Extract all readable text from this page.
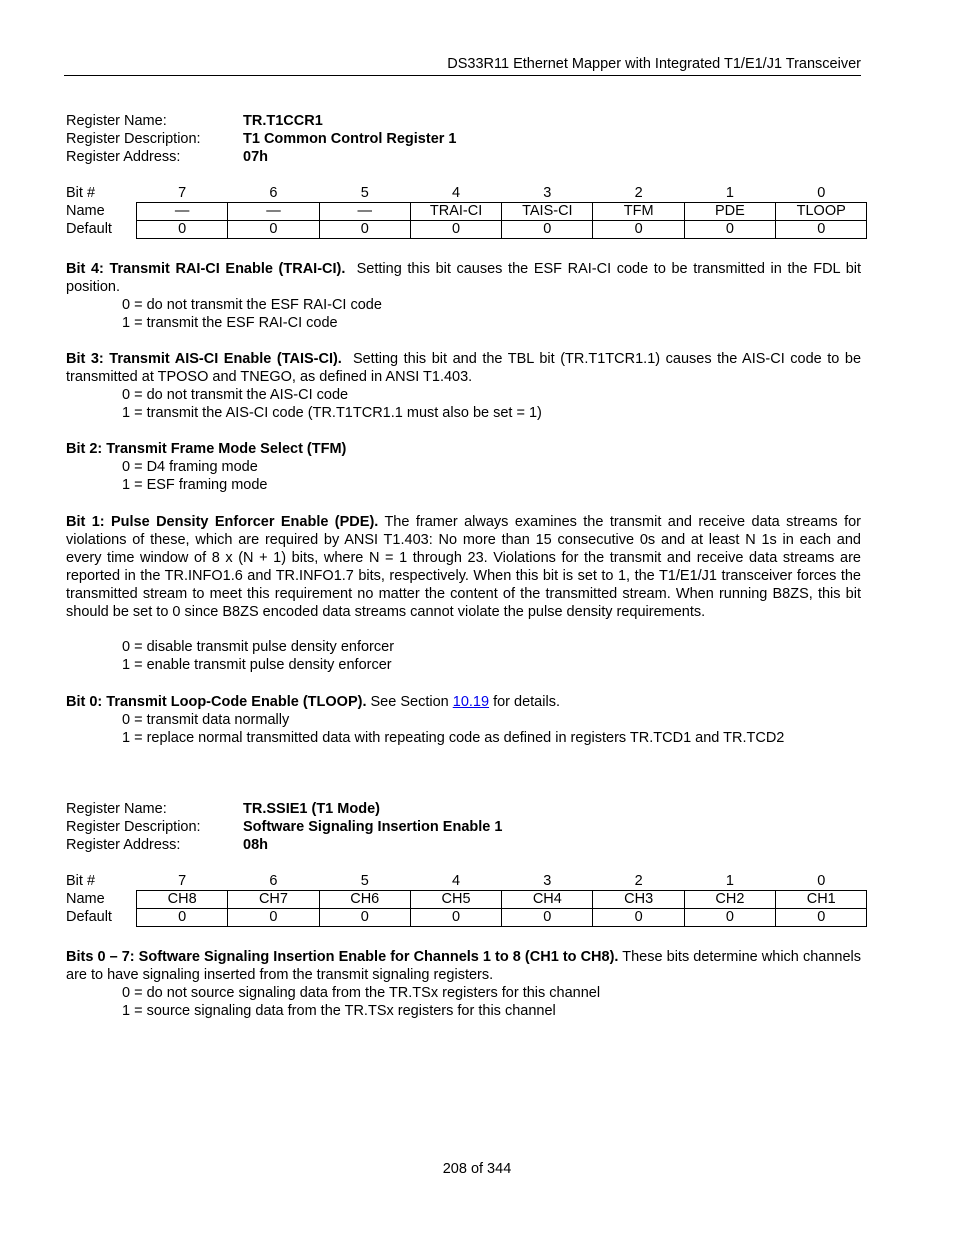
DS33R11 Ethernet Mapper with Integrated T1/E1/J1 Transceiver
Register Name:	TR.T1CCR1
Register Description:	T1 Common Control Register 1
Register Address:	07h
Bit #	7	6	5	4	3	2	1	0
Name	—	—	—	TRAI-CI	TAIS-CI	TFM	PDE	TLOOP
Default	0	0	0	0	0	0	0	0
Bit 4: Transmit RAI-CI Enable (TRAI-CI). Setting this bit causes the ESF RAI-CI code to be transmitted in the FDL bit position.
0 = do not transmit the ESF RAI-CI code
1 = transmit the ESF RAI-CI code
Bit 3: Transmit AIS-CI Enable (TAIS-CI). Setting this bit and the TBL bit (TR.T1TCR1.1) causes the AIS-CI code to be transmitted at TPOSO and TNEGO, as defined in ANSI T1.403.
0 = do not transmit the AIS-CI code
1 = transmit the AIS-CI code (TR.T1TCR1.1 must also be set = 1)
Bit 2: Transmit Frame Mode Select (TFM)
0 = D4 framing mode
1 = ESF framing mode
Bit 1: Pulse Density Enforcer Enable (PDE). The framer always examines the transmit and receive data streams for violations of these, which are required by ANSI T1.403: No more than 15 consecutive 0s and at least N 1s in each and every time window of 8 x (N + 1) bits, where N = 1 through 23. Violations for the transmit and receive data streams are reported in the TR.INFO1.6 and TR.INFO1.7 bits, respectively. When this bit is set to 1, the T1/E1/J1 transceiver forces the transmitted stream to meet this requirement no matter the content of the transmitted stream. When running B8ZS, this bit should be set to 0 since B8ZS encoded data streams cannot violate the pulse density requirements.
0 = disable transmit pulse density enforcer
1 = enable transmit pulse density enforcer
Bit 0: Transmit Loop-Code Enable (TLOOP). See Section 10.19 for details.
0 = transmit data normally
1 = replace normal transmitted data with repeating code as defined in registers TR.TCD1 and TR.TCD2
Register Name:	TR.SSIE1 (T1 Mode)
Register Description:	Software Signaling Insertion Enable 1
Register Address:	08h
Bit #	7	6	5	4	3	2	1	0
Name	CH8	CH7	CH6	CH5	CH4	CH3	CH2	CH1
Default	0	0	0	0	0	0	0	0
Bits 0 – 7: Software Signaling Insertion Enable for Channels 1 to 8 (CH1 to CH8). These bits determine which channels are to have signaling inserted from the transmit signaling registers.
0 = do not source signaling data from the TR.TSx registers for this channel
1 = source signaling data from the TR.TSx registers for this channel
208 of 344
